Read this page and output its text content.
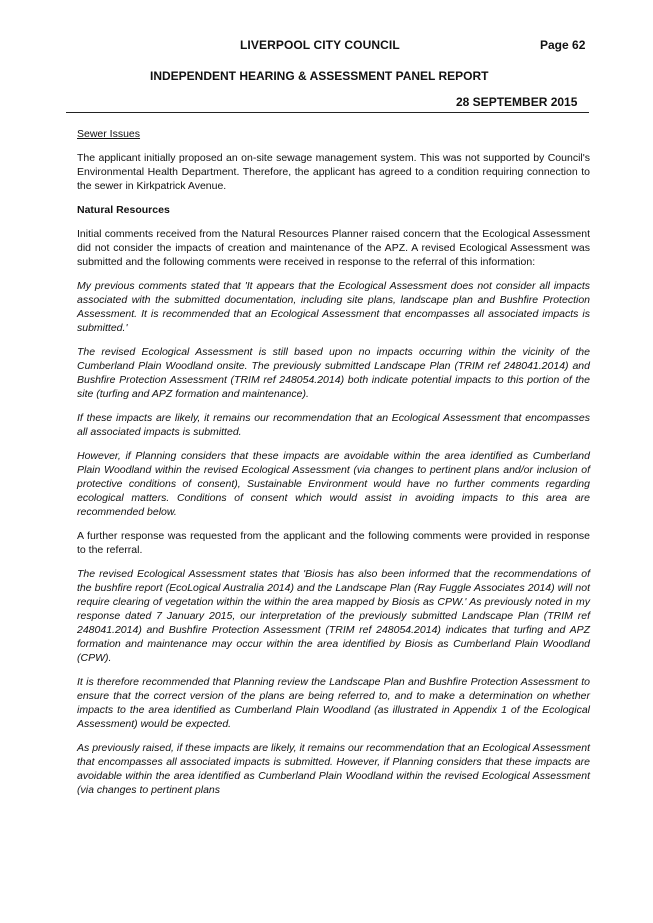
LIVERPOOL CITY COUNCIL	Page 62
INDEPENDENT HEARING & ASSESSMENT PANEL REPORT
28 SEPTEMBER 2015
Sewer Issues

The applicant initially proposed an on-site sewage management system. This was not supported by Council's Environmental Health Department. Therefore, the applicant has agreed to a condition requiring connection to the sewer in Kirkpatrick Avenue.

Natural Resources

Initial comments received from the Natural Resources Planner raised concern that the Ecological Assessment did not consider the impacts of creation and maintenance of the APZ. A revised Ecological Assessment was submitted and the following comments were received in response to the referral of this information:

My previous comments stated that 'It appears that the Ecological Assessment does not consider all impacts associated with the submitted documentation, including site plans, landscape plan and Bushfire Protection Assessment. It is recommended that an Ecological Assessment that encompasses all associated impacts is submitted.'

The revised Ecological Assessment is still based upon no impacts occurring within the vicinity of the Cumberland Plain Woodland onsite. The previously submitted Landscape Plan (TRIM ref 248041.2014) and Bushfire Protection Assessment (TRIM ref 248054.2014) both indicate potential impacts to this portion of the site (turfing and APZ formation and maintenance).

If these impacts are likely, it remains our recommendation that an Ecological Assessment that encompasses all associated impacts is submitted.

However, if Planning considers that these impacts are avoidable within the area identified as Cumberland Plain Woodland within the revised Ecological Assessment (via changes to pertinent plans and/or inclusion of protective conditions of consent), Sustainable Environment would have no further comments regarding ecological matters. Conditions of consent which would assist in avoiding impacts to this area are recommended below.

A further response was requested from the applicant and the following comments were provided in response to the referral.

The revised Ecological Assessment states that 'Biosis has also been informed that the recommendations of the bushfire report (EcoLogical Australia 2014) and the Landscape Plan (Ray Fuggle Associates 2014) will not require clearing of vegetation within the within the area mapped by Biosis as CPW.' As previously noted in my response dated 7 January 2015, our interpretation of the previously submitted Landscape Plan (TRIM ref 248041.2014) and Bushfire Protection Assessment (TRIM ref 248054.2014) indicates that turfing and APZ formation and maintenance may occur within the area identified by Biosis as Cumberland Plain Woodland (CPW).

It is therefore recommended that Planning review the Landscape Plan and Bushfire Protection Assessment to ensure that the correct version of the plans are being referred to, and to make a determination on whether impacts to the area identified as Cumberland Plain Woodland (as illustrated in Appendix 1 of the Ecological Assessment) would be expected.

As previously raised, if these impacts are likely, it remains our recommendation that an Ecological Assessment that encompasses all associated impacts is submitted. However, if Planning considers that these impacts are avoidable within the area identified as Cumberland Plain Woodland within the revised Ecological Assessment (via changes to pertinent plans
